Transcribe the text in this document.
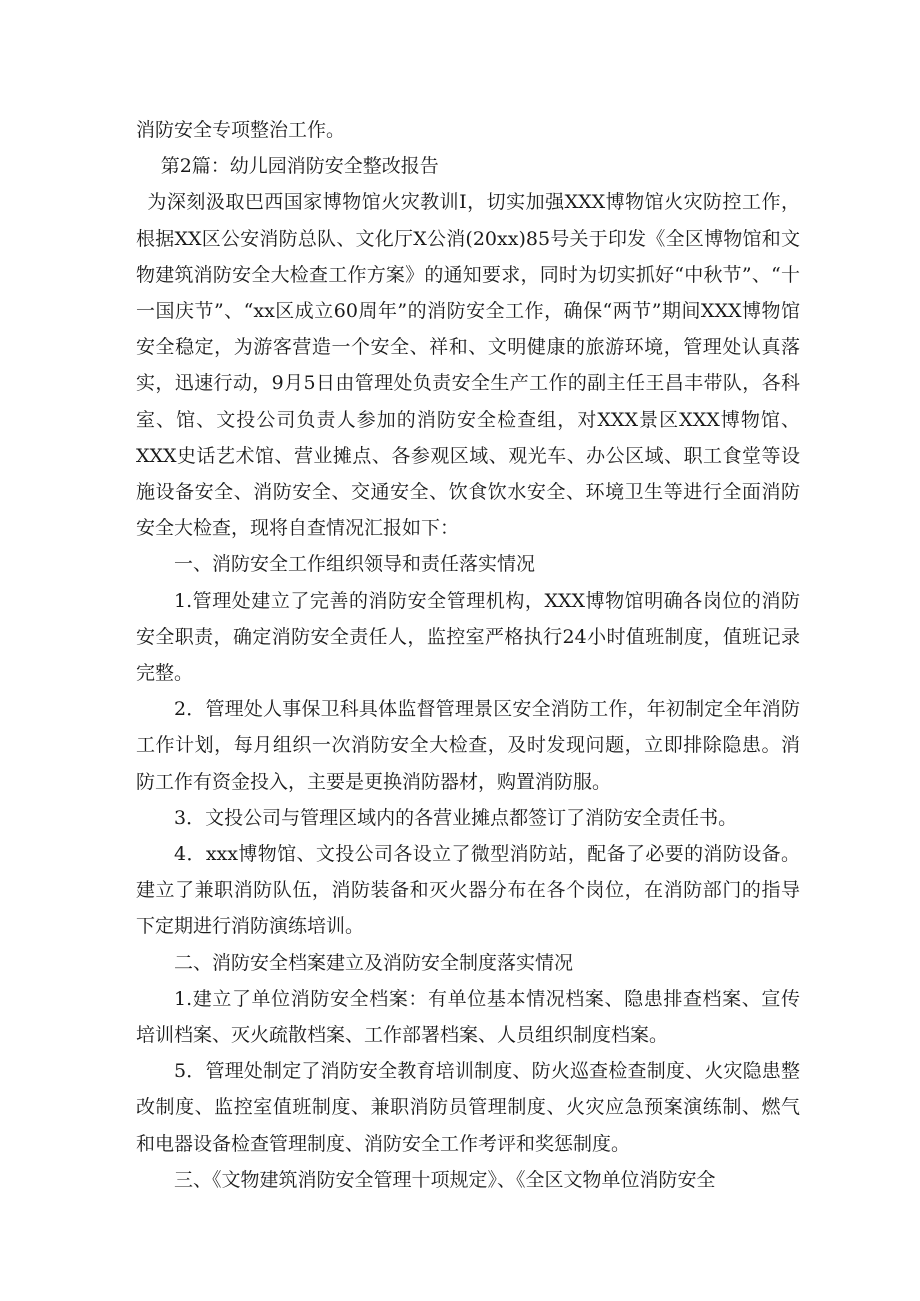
消防安全专项整治工作。

第2篇：幼儿园消防安全整改报告

为深刻汲取巴西国家博物馆火灾教训I，切实加强XXX博物馆火灾防控工作，根据XX区公安消防总队、文化厅X公消(20xx)85号关于印发《全区博物馆和文物建筑消防安全大检查工作方案》的通知要求，同时为切实抓好“中秋节”、“十一国庆节”、“xx区成立60周年”的消防安全工作，确保“两节”期间XXX博物馆安全稳定，为游客营造一个安全、祥和、文明健康的旅游环境，管理处认真落实，迅速行动，9月5日由管理处负责安全生产工作的副主任王昌丰带队，各科室、馆、文投公司负责人参加的消防安全检查组，对XXX景区XXX博物馆、XXX史话艺术馆、营业摊点、各参观区域、观光车、办公区域、职工食堂等设施设备安全、消防安全、交通安全、饮食饮水安全、环境卫生等进行全面消防安全大检查，现将自查情况汇报如下：

一、消防安全工作组织领导和责任落实情况

1.管理处建立了完善的消防安全管理机构，XXX博物馆明确各岗位的消防安全职责，确定消防安全责任人，监控室严格执行24小时值班制度，值班记录完整。

2．管理处人事保卫科具体监督管理景区安全消防工作，年初制定全年消防工作计划，每月组织一次消防安全大检查，及时发现问题，立即排除隐患。消防工作有资金投入，主要是更换消防器材，购置消防服。

3．文投公司与管理区域内的各营业摊点都签订了消防安全责任书。

4．xxx博物馆、文投公司各设立了微型消防站，配备了必要的消防设备。建立了兼职消防队伍，消防装备和灭火器分布在各个岗位，在消防部门的指导下定期进行消防演练培训。

二、消防安全档案建立及消防安全制度落实情况

1.建立了单位消防安全档案：有单位基本情况档案、隐患排查档案、宣传培训档案、灭火疏散档案、工作部署档案、人员组织制度档案。

5．管理处制定了消防安全教育培训制度、防火巡查检查制度、火灾隐患整改制度、监控室值班制度、兼职消防员管理制度、火灾应急预案演练制、燃气和电器设备检查管理制度、消防安全工作考评和奖惩制度。

三、《文物建筑消防安全管理十项规定》、《全区文物单位消防安全
